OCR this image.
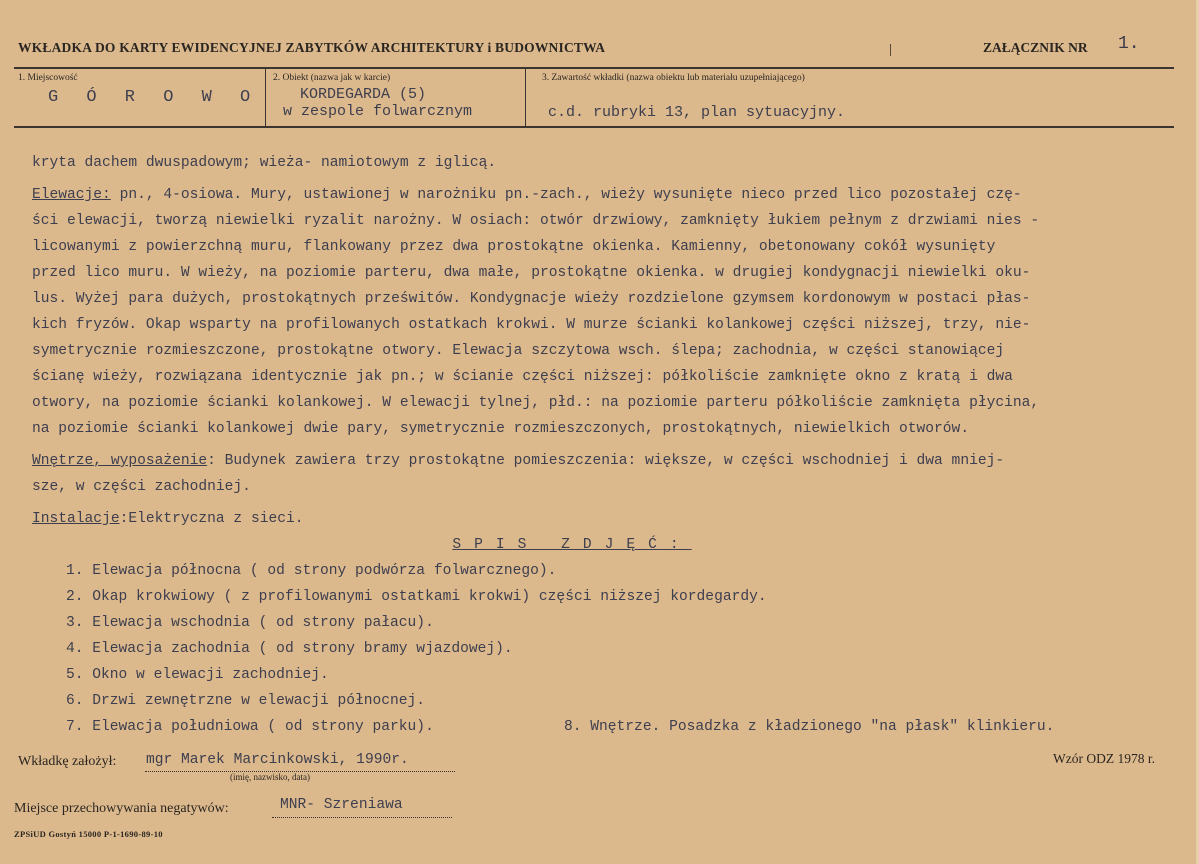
WKŁADKA DO KARTY EWIDENCYJNEJ ZABYTKÓW ARCHITEKTURY i BUDOWNICTWA	ZAŁĄCZNIK NR 1.
1. Miejscowość
G Ó R O W O
2. Obiekt (nazwa jak w karcie)
KORDEGARDA (5)
w zespole folwarcznym
3. Zawartość wkładki (nazwa obiektu lub materiału uzupełniającego)
c.d. rubryki 13, plan sytuacyjny.
kryta dachem dwuspadowym; wieża- namiotowym z iglicą.
Elewacje: pn., 4-osiowa. Mury, ustawionej w narożniku pn.-zach., wieży wysunięte nieco przed lico pozostałej czę-
ści elewacji, tworzą niewielki ryzalit narożny. W osiach: otwór drzwiowy, zamknięty łukiem pełnym z drzwiami nies -
licowanymi z powierzchną muru, flankowany przez dwa prostokątne okienka. Kamienny, obetonowany cokół wysunięty
przed lico muru. W wieży, na poziomie parteru, dwa małe, prostokątne okienka. w drugiej kondygnacji niewielki oku-
lus. Wyżej para dużych, prostokątnych prześwitów. Kondygnacje wieży rozdzielone gzymsem kordonowym w postaci płas-
kich fryzów. Okap wsparty na profilowanych ostatkach krokwi. W murze ścianki kolankowej części niższej, trzy, nie-
symetrycznie rozmieszczone, prostokątne otwory. Elewacja szczytowa wsch. ślepa; zachodnia, w części stanowiącej
ścianę wieży, rozwiązana identycznie jak pn.; w ścianie części niższej: półkoliście zamknięte okno z kratą i dwa
otwory, na poziomie ścianki kolankowej. W elewacji tylnej, płd.: na poziomie parteru półkoliście zamknięta płycina,
na poziomie ścianki kolankowej dwie pary, symetrycznie rozmieszczonych, prostokątnych, niewielkich otworów.
Wnętrze, wyposażenie: Budynek zawiera trzy prostokątne pomieszczenia: większe, w części wschodniej i dwa mniej-
sze, w części zachodniej.
Instalacje:Elektryczna z sieci.
SPIS ZDJĘĆ:
1. Elewacja północna ( od strony podwórza folwarcznego).
2. Okap krokwiowy ( z profilowanymi ostatkami krokwi) części niższej kordegardy.
3. Elewacja wschodnia ( od strony pałacu).
4. Elewacja zachodnia ( od strony bramy wjazdowej).
5. Okno w elewacji zachodniej.
6. Drzwi zewnętrzne w elewacji północnej.
7. Elewacja południowa ( od strony parku).	8. Wnętrze. Posadzka z kładzionego "na płask" klinkieru.
Wkładkę założył: mgr Marek Marcinkowski, 1990r.
(imię, nazwisko, data)
Wzór ODZ 1978 r.
Miejsce przechowywania negatywów:	MNR- Szreniawa
ZPSiUD Gostyń 15000 P-1-1690-89-10
